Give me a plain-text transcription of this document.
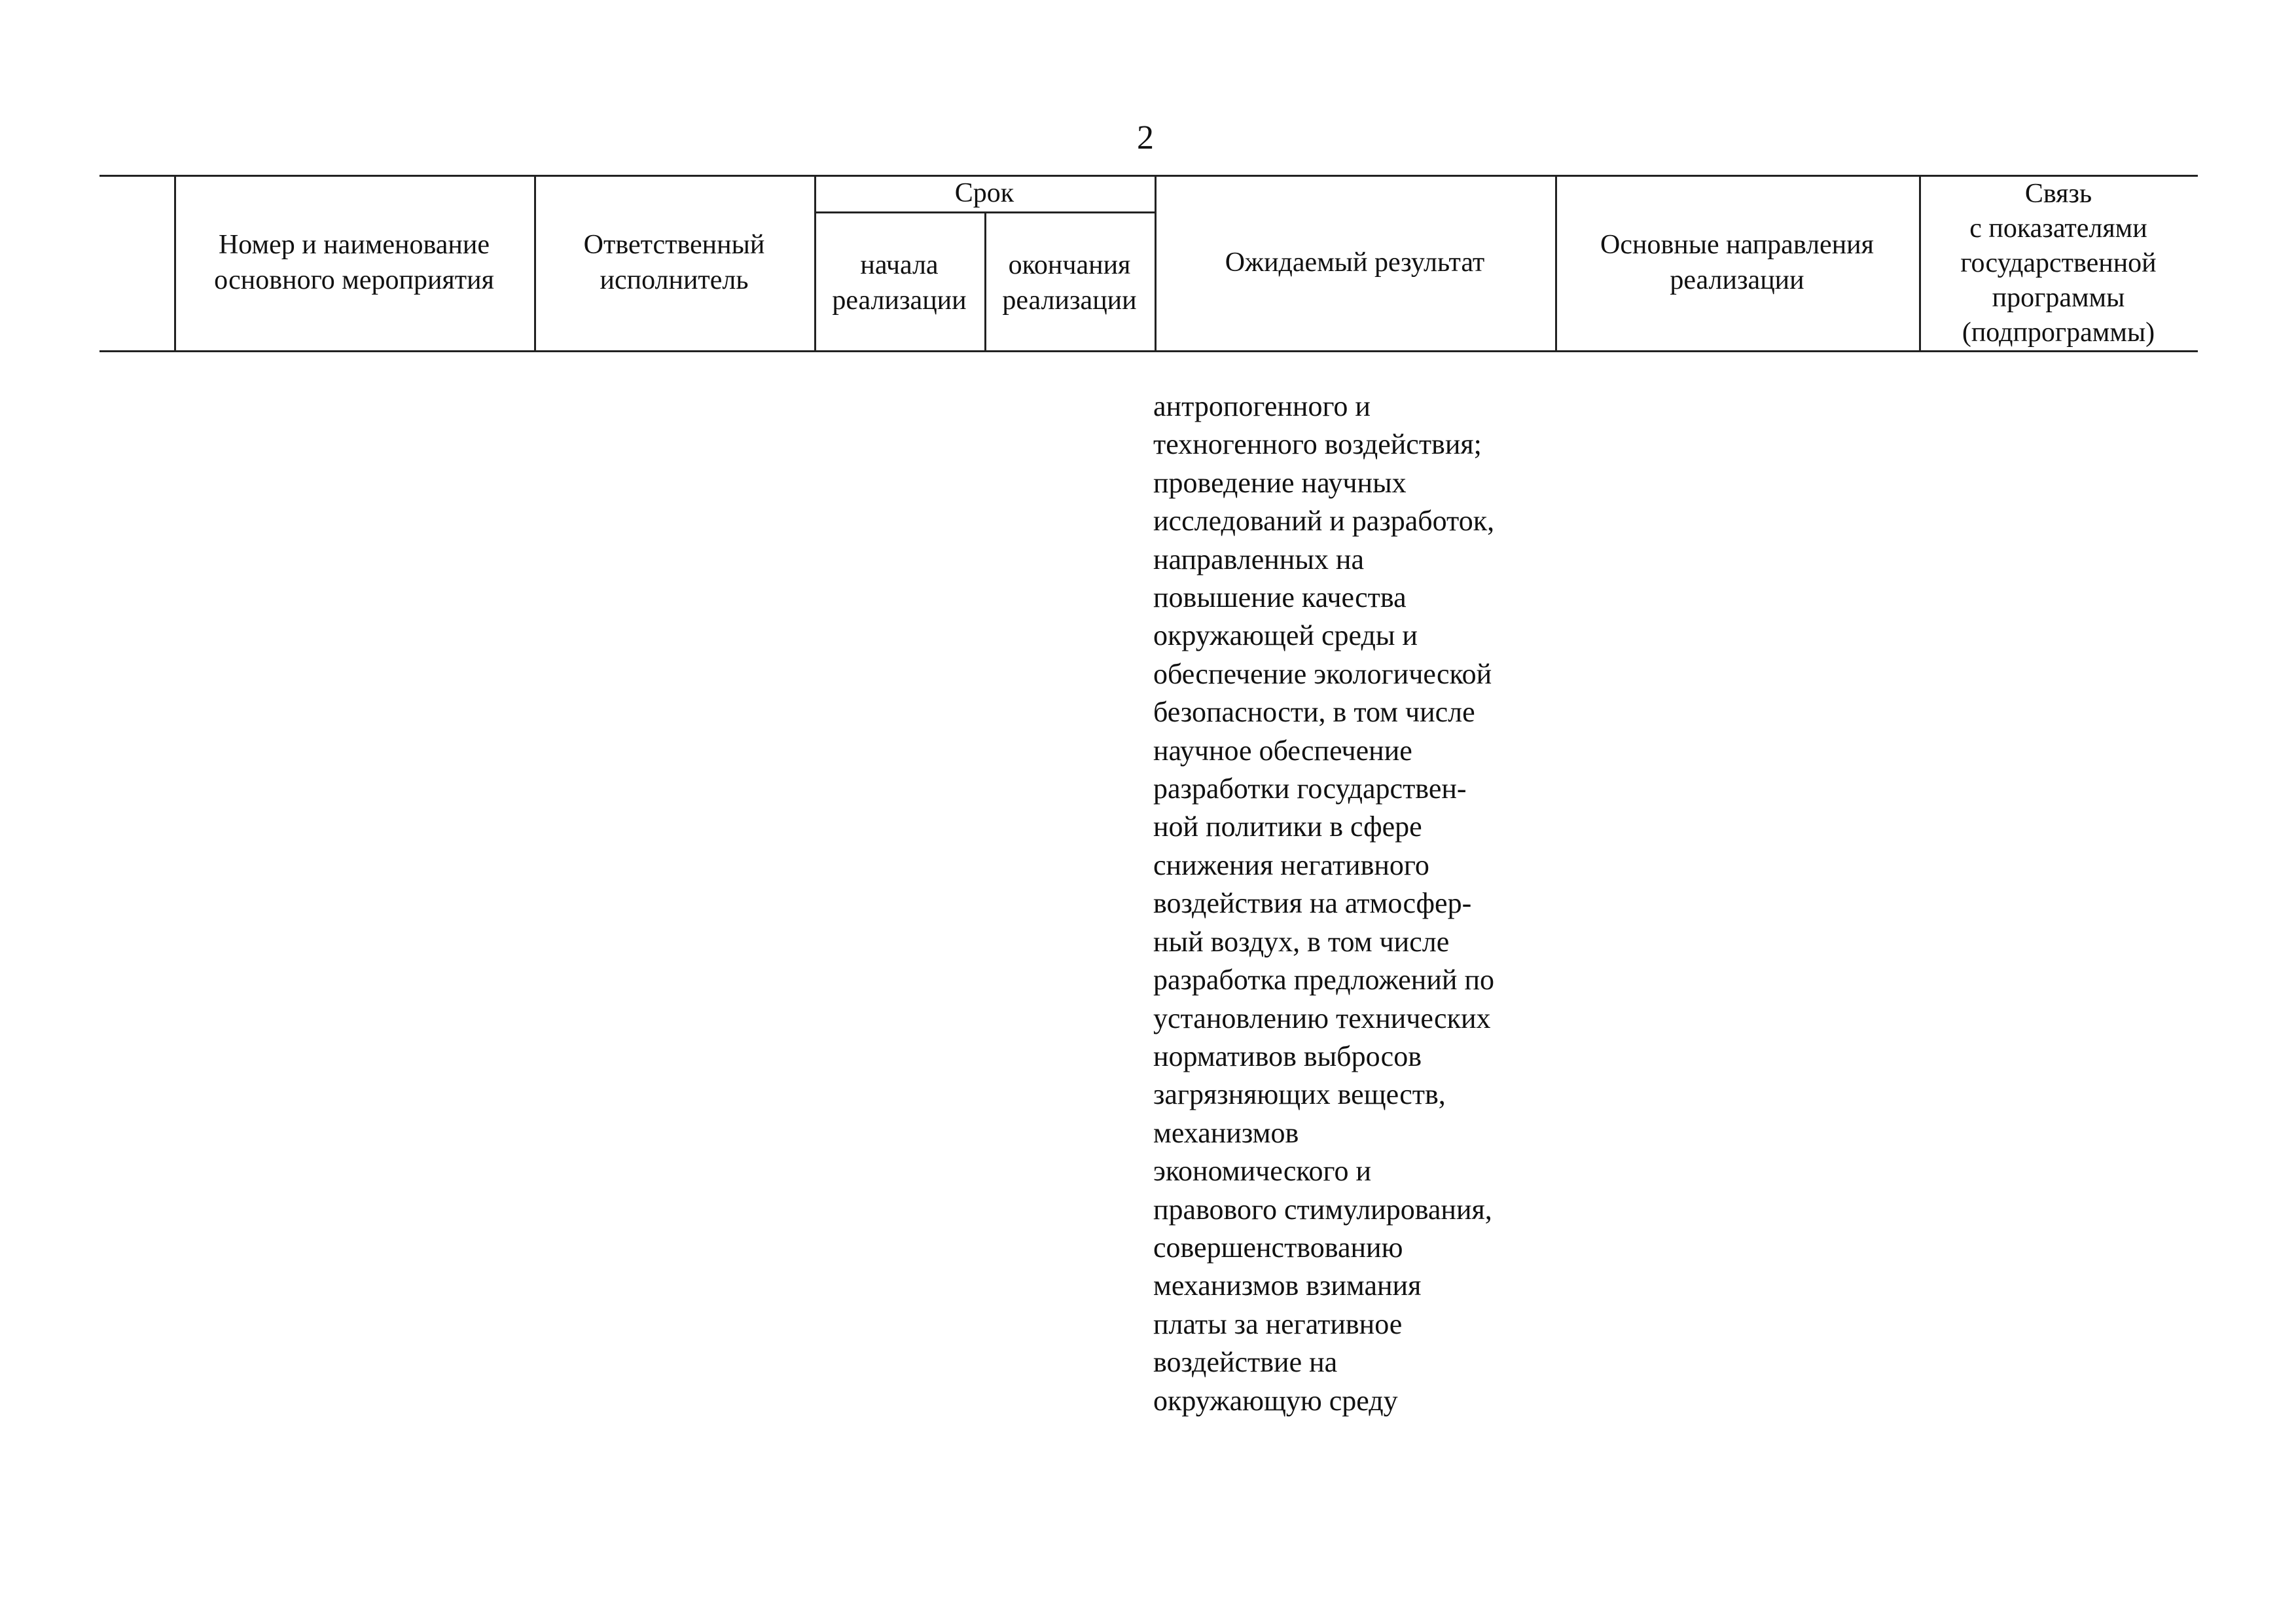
2
Номер и наименование
основного мероприятия
Ответственный
исполнитель
Срок
начала
реализации
окончания
реализации
Ожидаемый результат
Основные направления
реализации
Связь
с показателями
государственной
программы
(подпрограммы)
антропогенного и
техногенного воздействия;
проведение научных
исследований и разработок,
направленных на
повышение качества
окружающей среды и
обеспечение экологической
безопасности, в том числе
научное обеспечение
разработки государствен-
ной политики в сфере
снижения негативного
воздействия на атмосфер-
ный воздух, в том числе
разработка предложений по
установлению технических
нормативов выбросов
загрязняющих веществ,
механизмов
экономического и
правового стимулирования,
совершенствованию
механизмов взимания
платы за негативное
воздействие на
окружающую среду
